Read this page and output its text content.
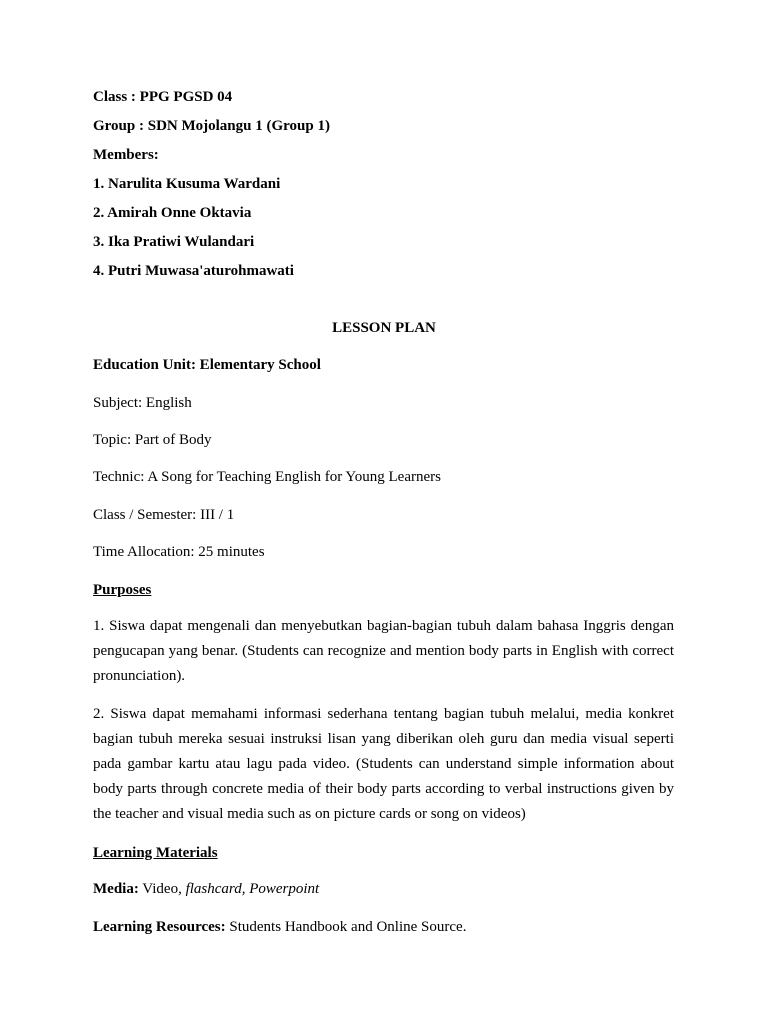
Class : PPG PGSD 04
Group : SDN Mojolangu 1 (Group 1)
Members:
1. Narulita Kusuma Wardani
2. Amirah Onne Oktavia
3. Ika Pratiwi Wulandari
4. Putri Muwasa'aturohmawati
LESSON PLAN
Education Unit: Elementary School
Subject: English
Topic: Part of Body
Technic: A Song for Teaching English for Young Learners
Class / Semester: III / 1
Time Allocation: 25 minutes
Purposes
1. Siswa dapat mengenali dan menyebutkan bagian-bagian tubuh dalam bahasa Inggris dengan pengucapan yang benar. (Students can recognize and mention body parts in English with correct pronunciation).
2. Siswa dapat memahami informasi sederhana tentang bagian tubuh melalui, media konkret bagian tubuh mereka sesuai instruksi lisan yang diberikan oleh guru dan media visual seperti pada gambar kartu atau lagu pada video. (Students can understand simple information about body parts through concrete media of their body parts according to verbal instructions given by the teacher and visual media such as on picture cards or song on videos)
Learning Materials
Media: Video, flashcard, Powerpoint
Learning Resources: Students Handbook and Online Source.
